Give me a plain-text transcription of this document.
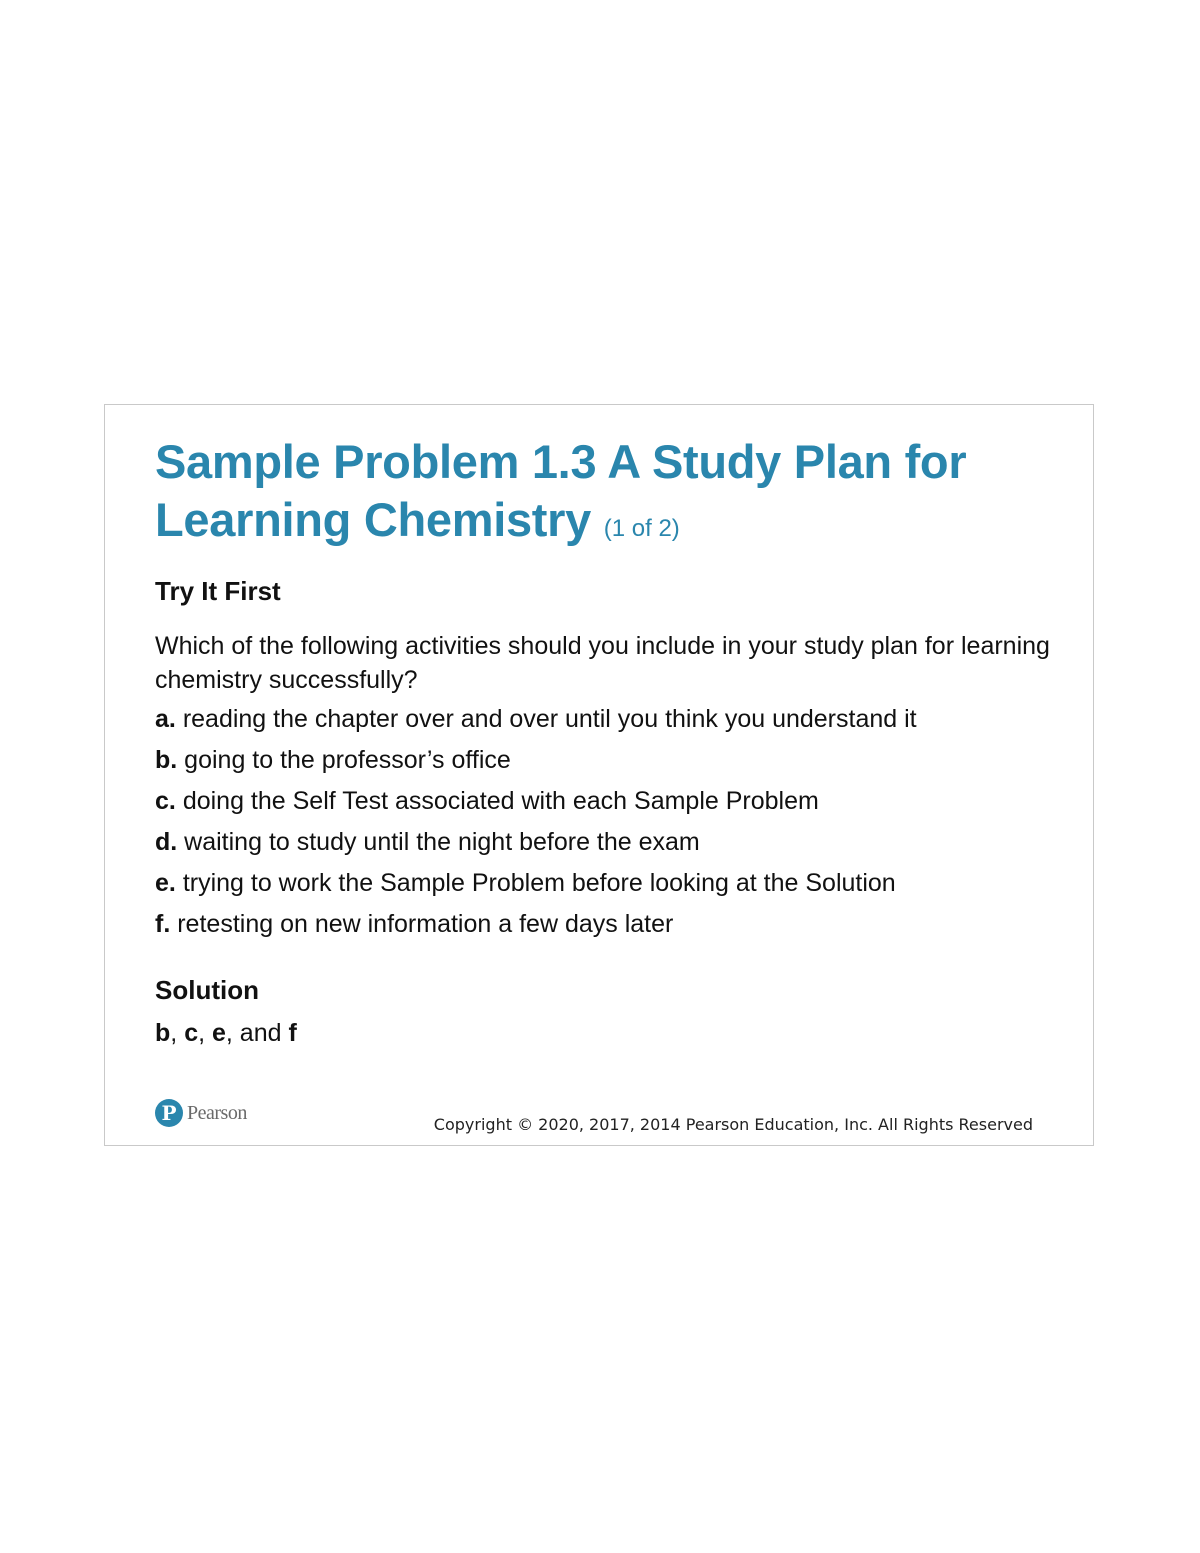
Sample Problem 1.3 A Study Plan for Learning Chemistry (1 of 2)
Try It First

Which of the following activities should you include in your study plan for learning chemistry successfully?

a. reading the chapter over and over until you think you understand it
b. going to the professor’s office
c. doing the Self Test associated with each Sample Problem
d. waiting to study until the night before the exam
e. trying to work the Sample Problem before looking at the Solution
f. retesting on new information a few days later
Solution

b, c, e, and f

P Pearson

Copyright © 2020, 2017, 2014 Pearson Education, Inc. All Rights Reserved
